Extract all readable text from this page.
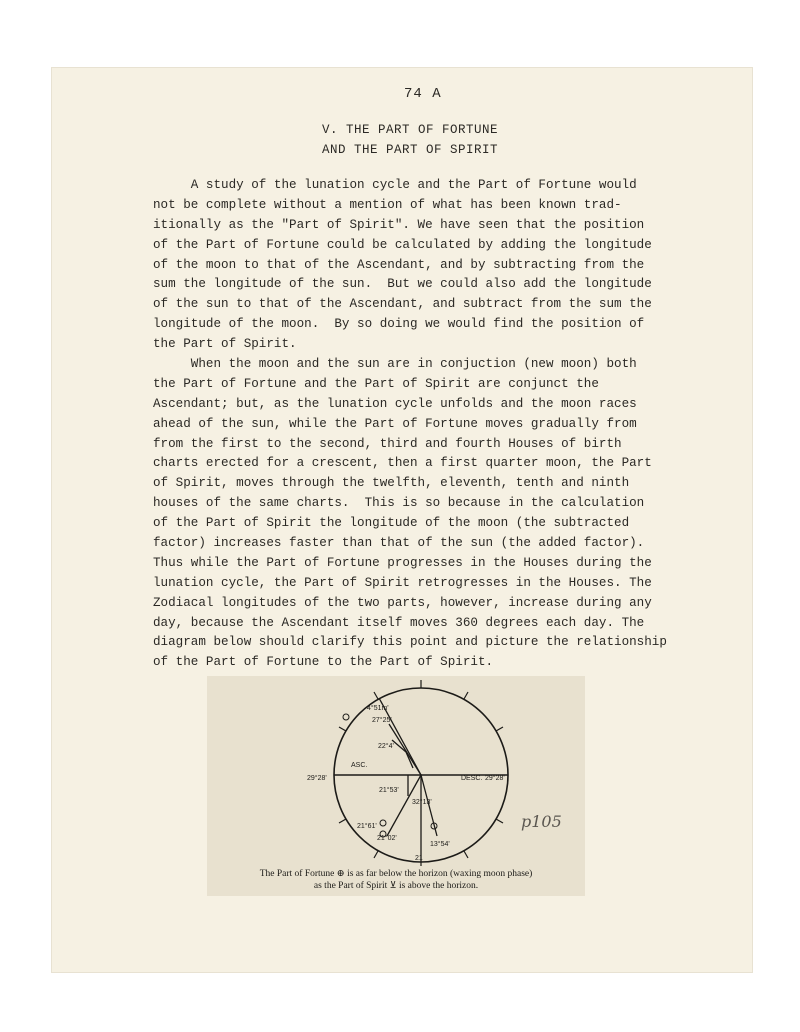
74 A
V. THE PART OF FORTUNE
AND THE PART OF SPIRIT
A study of the lunation cycle and the Part of Fortune would
not be complete without a mention of what has been known trad-
itionally as the "Part of Spirit". We have seen that the position
of the Part of Fortune could be calculated by adding the longitude
of the moon to that of the Ascendant, and by subtracting from the
sum the longitude of the sun.  But we could also add the longitude
of the sun to that of the Ascendant, and subtract from the sum the
longitude of the moon.  By so doing we would find the position of
the Part of Spirit.
When the moon and the sun are in conjuction (new moon) both
the Part of Fortune and the Part of Spirit are conjunct the
Ascendant; but, as the lunation cycle unfolds and the moon races
ahead of the sun, while the Part of Fortune moves gradually from
from the first to the second, third and fourth Houses of birth
charts erected for a crescent, then a first quarter moon, the Part
of Spirit, moves through the twelfth, eleventh, tenth and ninth
houses of the same charts.  This is so because in the calculation
of the Part of Spirit the longitude of the moon (the subtracted
factor) increases faster than that of the sun (the added factor).
Thus while the Part of Fortune progresses in the Houses during the
lunation cycle, the Part of Spirit retrogresses in the Houses. The
Zodiacal longitudes of the two parts, however, increase during any
day, because the Ascendant itself moves 360 degrees each day. The
diagram below should clarify this point and picture the relationship
of the Part of Fortune to the Part of Spirit.
ASC.
DESC.
29°28'	29°28'
4°51m'
27°25'
22°4'
21°53'
21°61'
21°02'
32°13'
13°54'
21
The Part of Fortune ⊕ is as far below the horizon (waxing moon phase)
as the Part of Spirit ⊻ is above the horizon.
p105
